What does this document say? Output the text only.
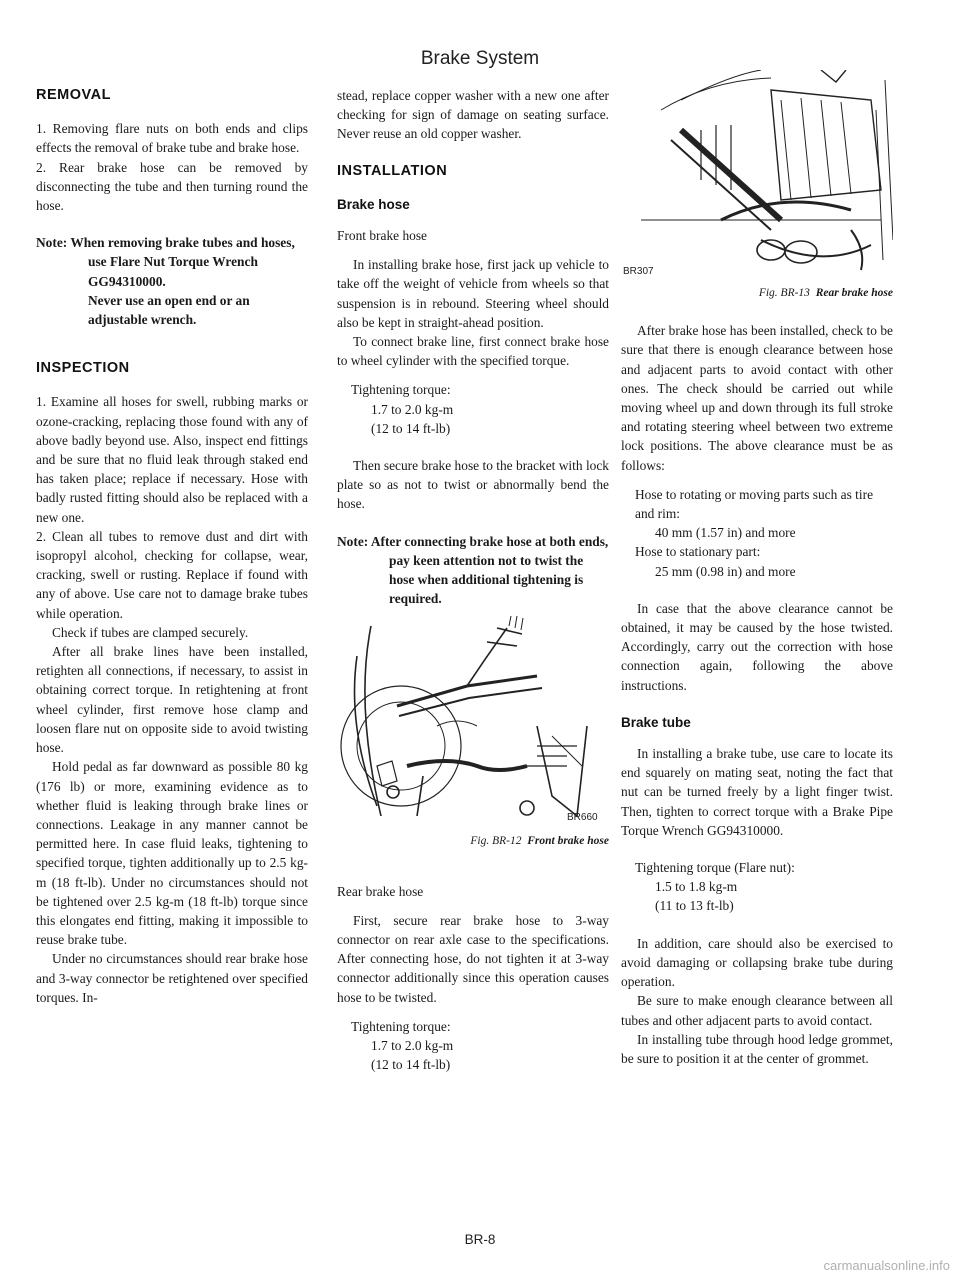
Brake System
REMOVAL

1. Removing flare nuts on both ends and clips effects the removal of brake tube and brake hose.

2. Rear brake hose can be removed by disconnecting the tube and then turning round the hose.

Note: When removing brake tubes and hoses, use Flare Nut Torque Wrench GG94310000.

Never use an open end or an adjustable wrench.

INSPECTION

1. Examine all hoses for swell, rubbing marks or ozone-cracking, replacing those found with any of above badly beyond use. Also, inspect end fittings and be sure that no fluid leak through staked end has taken place; replace if necessary. Hose with badly rusted fitting should also be replaced with a new one.

2. Clean all tubes to remove dust and dirt with isopropyl alcohol, checking for collapse, wear, cracking, swell or rusting. Replace if found with any of above. Use care not to damage brake tubes while operation.

Check if tubes are clamped securely.

After all brake lines have been installed, retighten all connections, if necessary, to assist in obtaining correct torque. In retightening at front wheel cylinder, first remove hose clamp and loosen flare nut on opposite side to avoid twisting hose.

Hold pedal as far downward as possible 80 kg (176 lb) or more, examining evidence as to whether fluid is leaking through brake lines or connections. Leakage in any manner cannot be permitted here. In case fluid leaks, tightening to specified torque, tighten additionally up to 2.5 kg-m (18 ft-lb). Under no circumstances should not be tightened over 2.5 kg-m (18 ft-lb) torque since this elongates end fitting, making it impossible to reuse brake tube.

Under no circumstances should rear brake hose and 3-way connector be retightened over specified torques. In-

stead, replace copper washer with a new one after checking for sign of damage on seating surface. Never reuse an old copper washer.

INSTALLATION
Brake hose

Front brake hose

In installing brake hose, first jack up vehicle to take off the weight of vehicle from wheels so that suspension is in rebound. Steering wheel should also be kept in straight-ahead position.

To connect brake line, first connect brake hose to wheel cylinder with the specified torque.

Tightening torque:
1.7 to 2.0 kg-m
(12 to 14 ft-lb)

Then secure brake hose to the bracket with lock plate so as not to twist or abnormally bend the hose.

Note: After connecting brake hose at both ends, pay keen attention not to twist the hose when additional tightening is required.

BR660
Fig. BR-12 Front brake hose

Rear brake hose

First, secure rear brake hose to 3-way connector on rear axle case to the specifications. After connecting hose, do not tighten it at 3-way connector additionally since this operation causes hose to be twisted.

Tightening torque:
1.7 to 2.0 kg-m
(12 to 14 ft-lb)
BR307
Fig. BR-13 Rear brake hose

After brake hose has been installed, check to be sure that there is enough clearance between hose and adjacent parts to avoid contact with other ones. The check should be carried out while moving wheel up and down through its full stroke and rotating steering wheel between two extreme lock positions. The above clearance must be as follows:

Hose to rotating or moving parts such as tire and rim:
40 mm (1.57 in) and more
Hose to stationary part:
25 mm (0.98 in) and more

In case that the above clearance cannot be obtained, it may be caused by the hose twisted. Accordingly, carry out the correction with hose connection again, following the above instructions.

Brake tube

In installing a brake tube, use care to locate its end squarely on mating seat, noting the fact that nut can be turned freely by a light finger twist. Then, tighten to correct torque with a Brake Pipe Torque Wrench GG94310000.

Tightening torque (Flare nut):
1.5 to 1.8 kg-m
(11 to 13 ft-lb)

In addition, care should also be exercised to avoid damaging or collapsing brake tube during operation.

Be sure to make enough clearance between all tubes and other adjacent parts to avoid contact.

In installing tube through hood ledge grommet, be sure to position it at the center of grommet.

BR-8
carmanualsonline.info
